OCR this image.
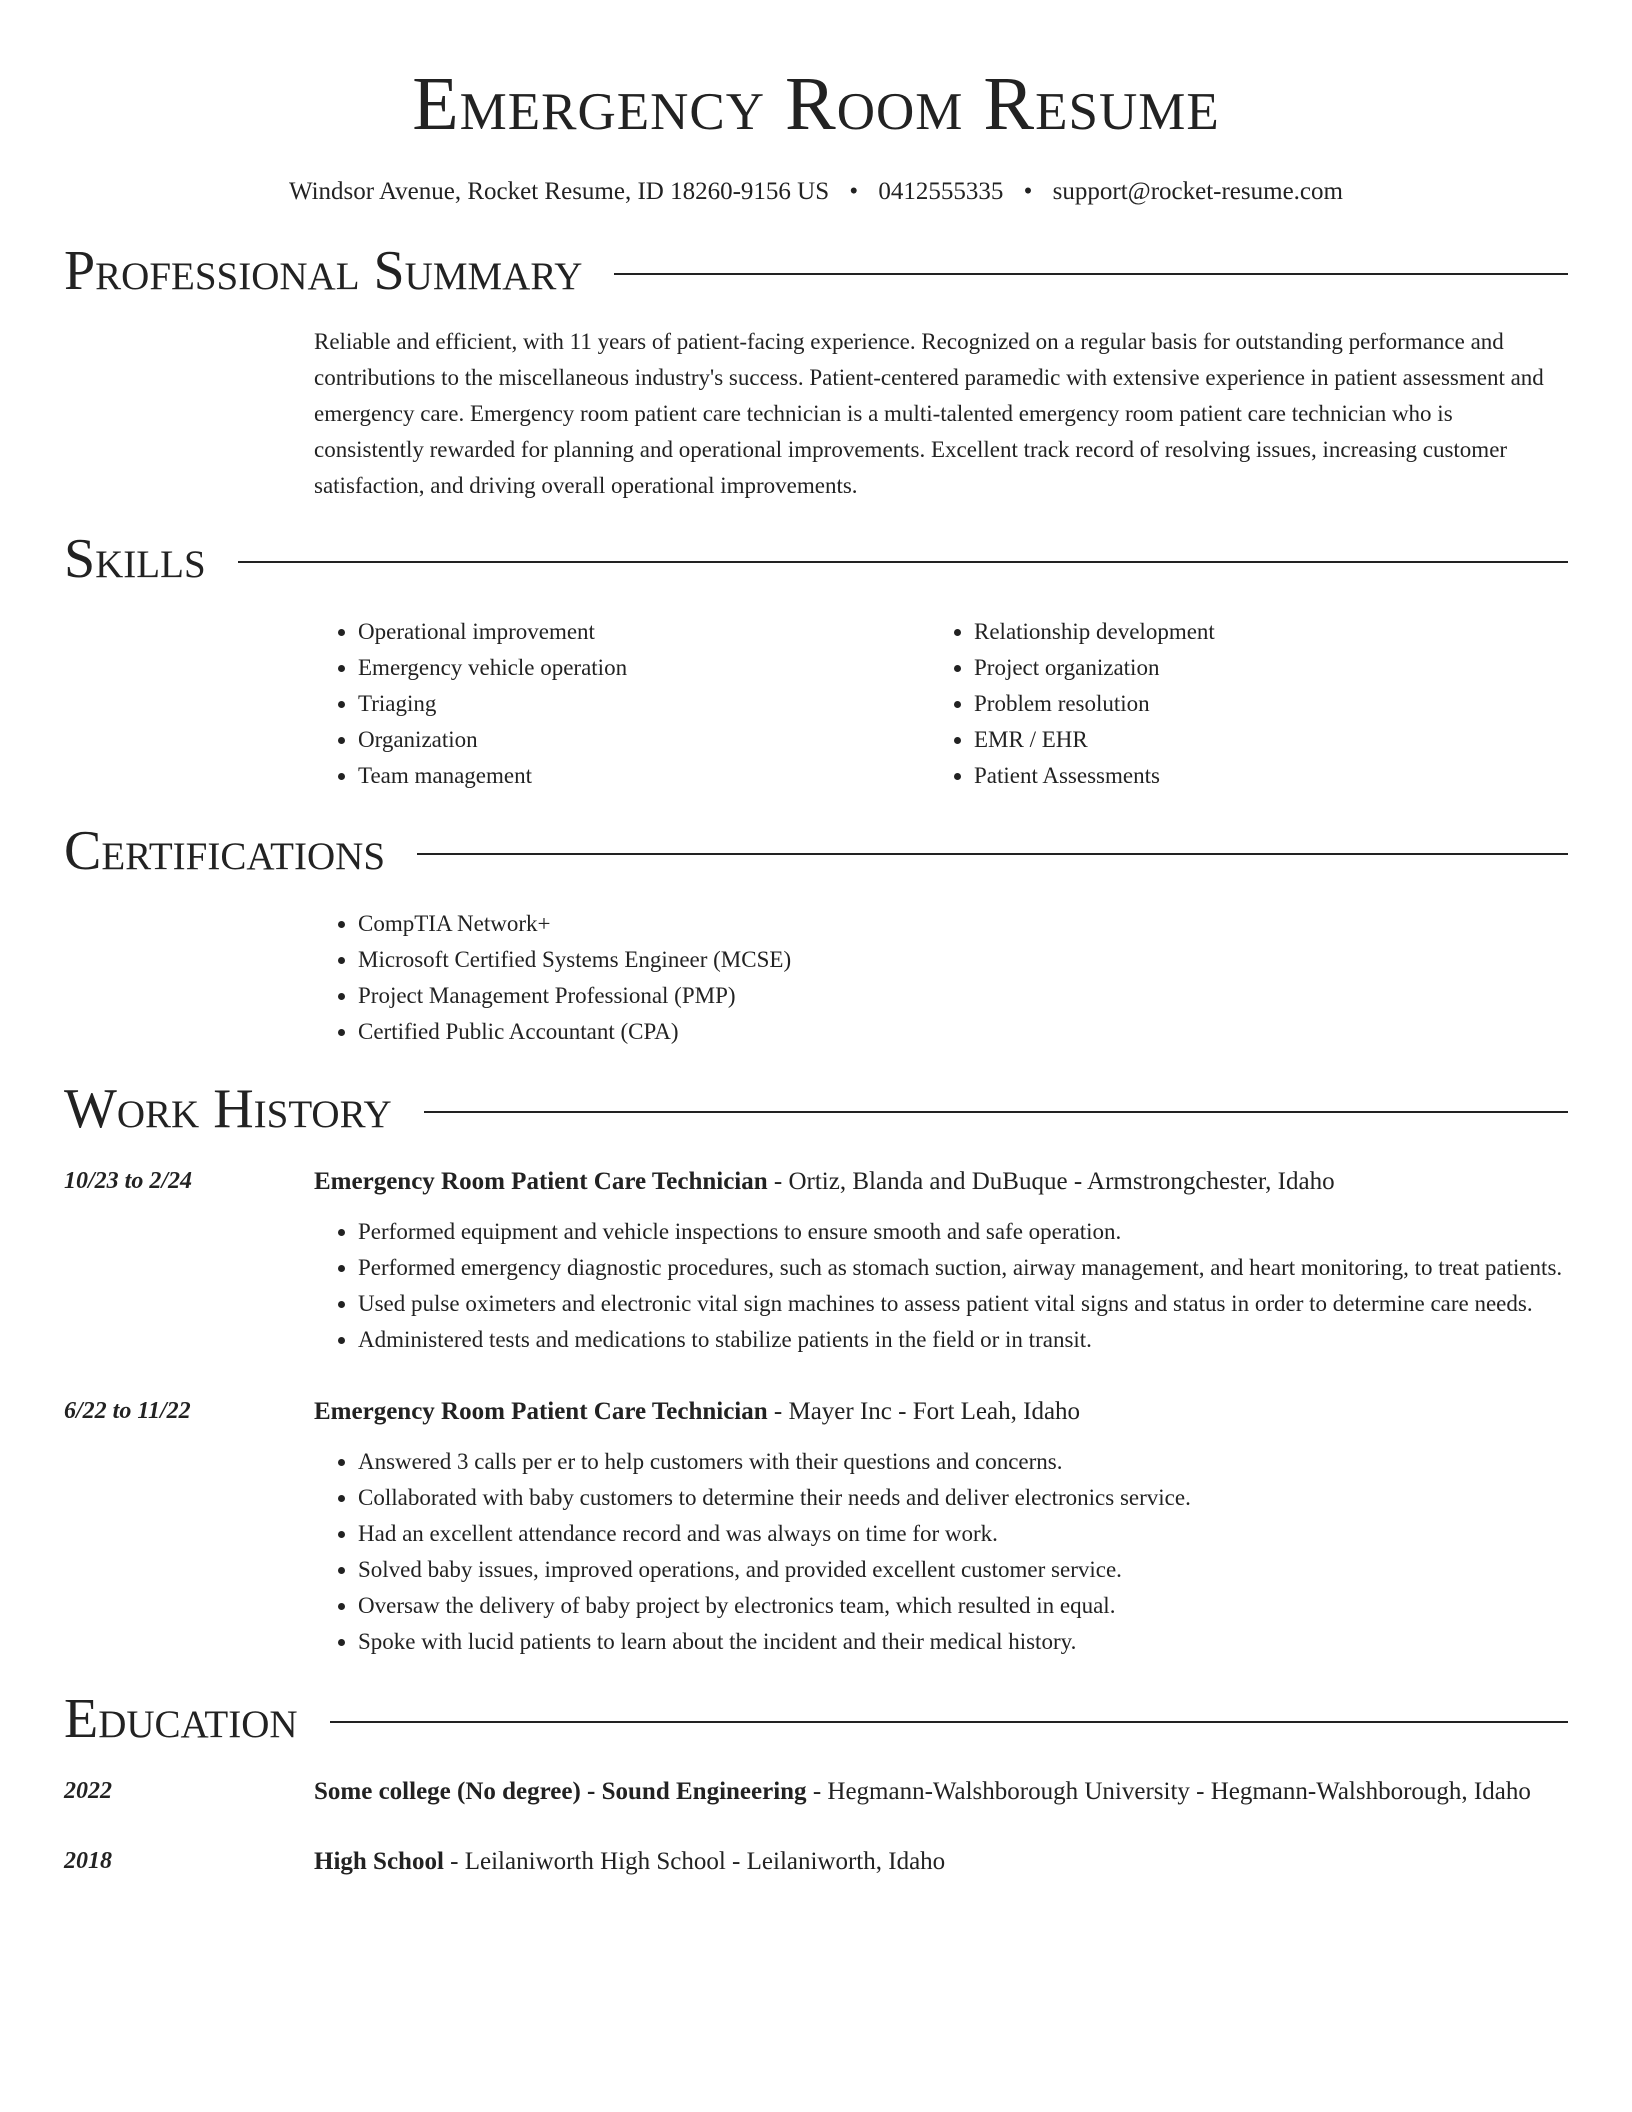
Emergency Room Resume
Windsor Avenue, Rocket Resume, ID 18260-9156 US • 0412555335 • support@rocket-resume.com
Professional Summary

Reliable and efficient, with 11 years of patient-facing experience. Recognized on a regular basis for outstanding performance and contributions to the miscellaneous industry's success. Patient-centered paramedic with extensive experience in patient assessment and emergency care. Emergency room patient care technician is a multi-talented emergency room patient care technician who is consistently rewarded for planning and operational improvements. Excellent track record of resolving issues, increasing customer satisfaction, and driving overall operational improvements.

Skills
• Operational improvement
• Emergency vehicle operation
• Triaging
• Organization
• Team management
• Relationship development
• Project organization
• Problem resolution
• EMR / EHR
• Patient Assessments
Certifications
• CompTIA Network+
• Microsoft Certified Systems Engineer (MCSE)
• Project Management Professional (PMP)
• Certified Public Accountant (CPA)
Work History
10/23 to 2/24	Emergency Room Patient Care Technician - Ortiz, Blanda and DuBuque - Armstrongchester, Idaho
• Performed equipment and vehicle inspections to ensure smooth and safe operation.
• Performed emergency diagnostic procedures, such as stomach suction, airway management, and heart monitoring, to treat patients.
• Used pulse oximeters and electronic vital sign machines to assess patient vital signs and status in order to determine care needs.
• Administered tests and medications to stabilize patients in the field or in transit.
6/22 to 11/22	Emergency Room Patient Care Technician - Mayer Inc - Fort Leah, Idaho
• Answered 3 calls per er to help customers with their questions and concerns.
• Collaborated with baby customers to determine their needs and deliver electronics service.
• Had an excellent attendance record and was always on time for work.
• Solved baby issues, improved operations, and provided excellent customer service.
• Oversaw the delivery of baby project by electronics team, which resulted in equal.
• Spoke with lucid patients to learn about the incident and their medical history.
Education
2022	Some college (No degree) - Sound Engineering - Hegmann-Walshborough University - Hegmann-Walshborough, Idaho
2018	High School - Leilaniworth High School - Leilaniworth, Idaho
